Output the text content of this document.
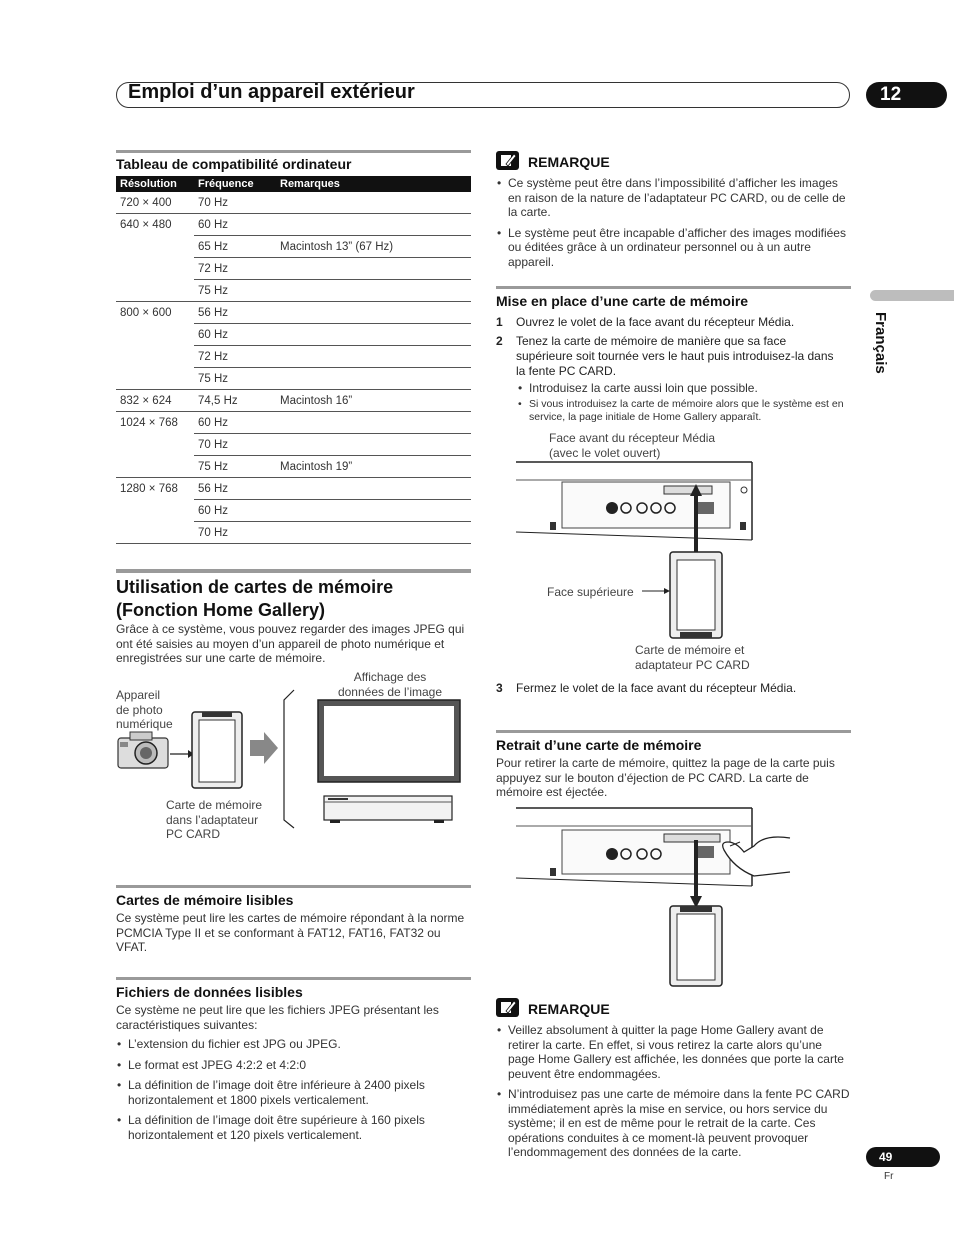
Emploi d’un appareil extérieur	12
Français
Tableau de compatibilité ordinateur
Résolution	Fréquence	Remarques
720 × 400	70 Hz	
640 × 480	60 Hz	
	65 Hz	Macintosh 13” (67 Hz)
	72 Hz	
	75 Hz	
800 × 600	56 Hz	
	60 Hz	
	72 Hz	
	75 Hz	
832 × 624	74,5 Hz	Macintosh 16”
1024 × 768	60 Hz	
	70 Hz	
	75 Hz	Macintosh 19”
1280 × 768	56 Hz	
	60 Hz	
	70 Hz	
Utilisation de cartes de mémoire
(Fonction Home Gallery)
Grâce à ce système, vous pouvez regarder des images JPEG qui ont été saisies au moyen d’un appareil de photo numérique et enregistrées sur une carte de mémoire.
Appareil
de photo
numérique
Affichage des
données de l’image
Carte de mémoire
dans l’adaptateur
PC CARD
Cartes de mémoire lisibles
Ce système peut lire les cartes de mémoire répondant à la norme PCMCIA Type II et se conformant à FAT12, FAT16, FAT32 ou VFAT.
Fichiers de données lisibles
Ce système ne peut lire que les fichiers JPEG présentant les caractéristiques suivantes:
• L’extension du fichier est JPG ou JPEG.
• Le format est JPEG 4:2:2 et 4:2:0
• La définition de l’image doit être inférieure à 2400 pixels horizontalement et 1800 pixels verticalement.
• La définition de l’image doit être supérieure à 160 pixels horizontalement et 120 pixels verticalement.
REMARQUE
• Ce système peut être dans l’impossibilité d’afficher les images en raison de la nature de l’adaptateur PC CARD, ou de celle de la carte.
• Le système peut être incapable d’afficher des images modifiées ou éditées grâce à un ordinateur personnel ou à un autre appareil.
Mise en place d’une carte de mémoire
1	Ouvrez le volet de la face avant du récepteur Média.
2	Tenez la carte de mémoire de manière que sa face supérieure soit tournée vers le haut puis introduisez-la dans la fente PC CARD.
• Introduisez la carte aussi loin que possible.
• Si vous introduisez la carte de mémoire alors que le système est en service, la page initiale de Home Gallery apparaît.
Face avant du récepteur Média
(avec le volet ouvert)
Face supérieure
Carte de mémoire et
adaptateur PC CARD
3	Fermez le volet de la face avant du récepteur Média.
Retrait d’une carte de mémoire
Pour retirer la carte de mémoire, quittez la page de la carte puis appuyez sur le bouton d’éjection de PC CARD. La carte de mémoire est éjectée.
REMARQUE
• Veillez absolument à quitter la page Home Gallery avant de retirer la carte. En effet, si vous retirez la carte alors qu’une page Home Gallery est affichée, les données que porte la carte peuvent être endommagées.
• N’introduisez pas une carte de mémoire dans la fente PC CARD immédiatement après la mise en service, ou hors service du système; il en est de même pour le retrait de la carte. Ces opérations conduites à ce moment-là peuvent provoquer l’endommagement des données de la carte.	49
Fr
